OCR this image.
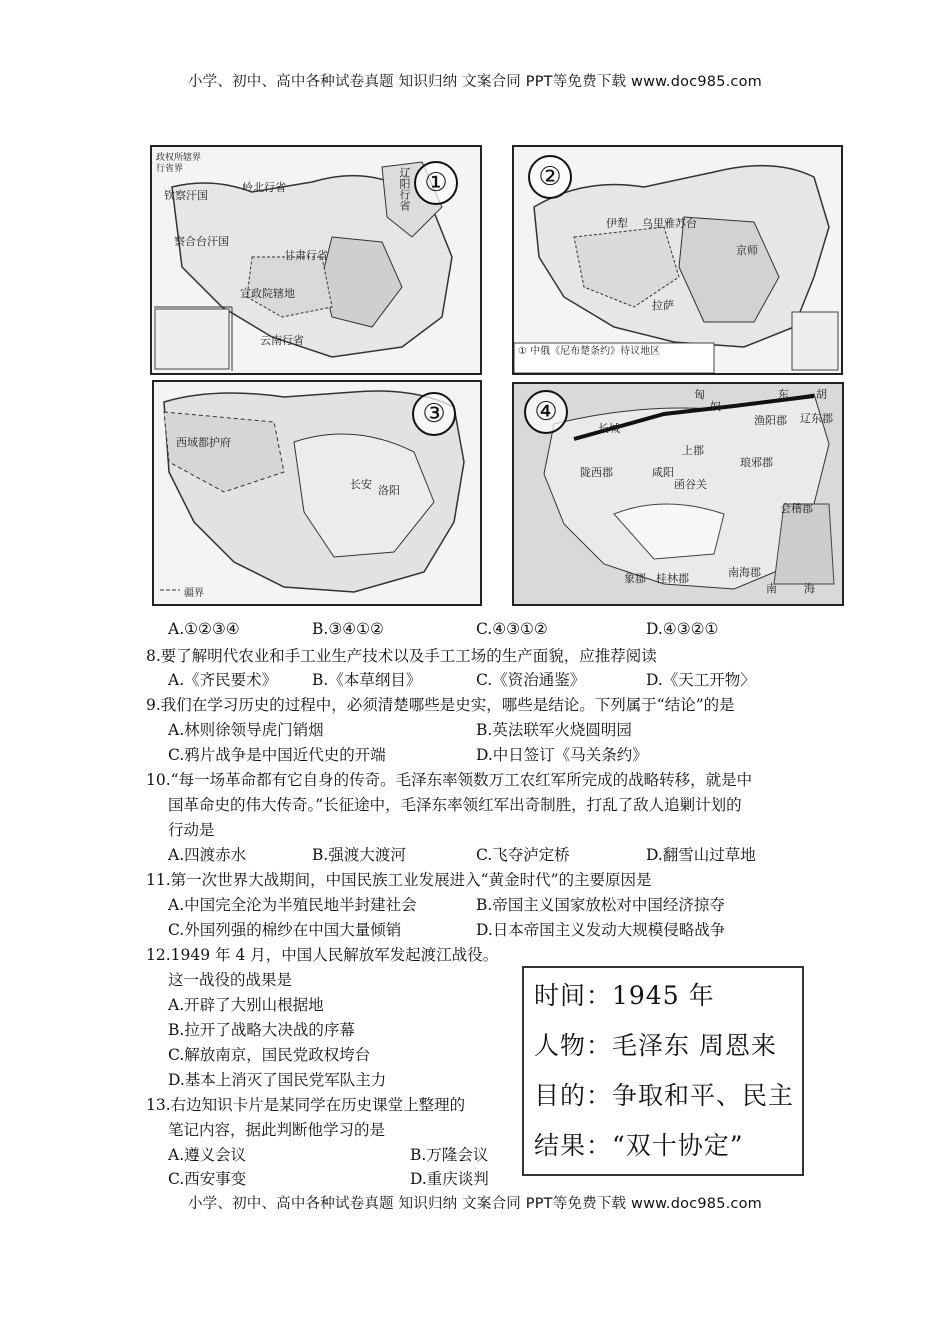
小学、初中、高中各种试卷真题 知识归纳 文案合同 PPT等免费下载 www.doc985.com
政权所辖界
行省界
钦察汗国
岭北行省	辽阳行省
察合台汗国
甘肃行省
宣政院辖地
云南行省
①
伊犁 乌里雅苏台
京师
拉萨
① 中俄《尼布楚条约》待议地区
②
西域都护府
长安 洛阳
疆界
③
匈
奴
东 胡
渔阳郡 辽东郡
长城
陇西郡	咸阳
上郡
琅邪郡
函谷关
会稽郡
南海郡
象郡 桂林郡
南 海
④
A.①②③④	B.③④①②	C.④③①②	D.④③②①
8.要了解明代农业和手工业生产技术以及手工工场的生产面貌，应推荐阅读
A.《齐民要术》 B.《本草纲目》	C.《资治通鉴》	D.《天工开物〉
9.我们在学习历史的过程中，必须清楚哪些是史实，哪些是结论。下列属于“结论”的是
A.林则徐领导虎门销烟	B.英法联军火烧圆明园
C.鸦片战争是中国近代史的开端	D.中日签订《马关条约》
10.“每一场革命都有它自身的传奇。毛泽东率领数万工农红军所完成的战略转移，就是中
国革命史的伟大传奇。”长征途中，毛泽东率领红军出奇制胜，打乱了敌人追剿计划的
行动是
A.四渡赤水	B.强渡大渡河	C.飞夺泸定桥	D.翻雪山过草地
11.第一次世界大战期间，中国民族工业发展进入“黄金时代”的主要原因是
A.中国完全沦为半殖民地半封建社会	B.帝国主义国家放松对中国经济掠夺
C.外国列强的棉纱在中国大量倾销	D.日本帝国主义发动大规模侵略战争
12.1949 年 4 月，中国人民解放军发起渡江战役。
这一战役的战果是
A.开辟了大别山根据地
B.拉开了战略大决战的序幕
C.解放南京，国民党政权垮台
D.基本上消灭了国民党军队主力
13.右边知识卡片是某同学在历史课堂上整理的
笔记内容，据此判断他学习的是
A.遵义会议	B.万隆会议
C.西安事变	D.重庆谈判
时间：1945 年
人物：毛泽东 周恩来
目的：争取和平、民主
结果：“双十协定”
小学、初中、高中各种试卷真题 知识归纳 文案合同 PPT等免费下载 www.doc985.com
